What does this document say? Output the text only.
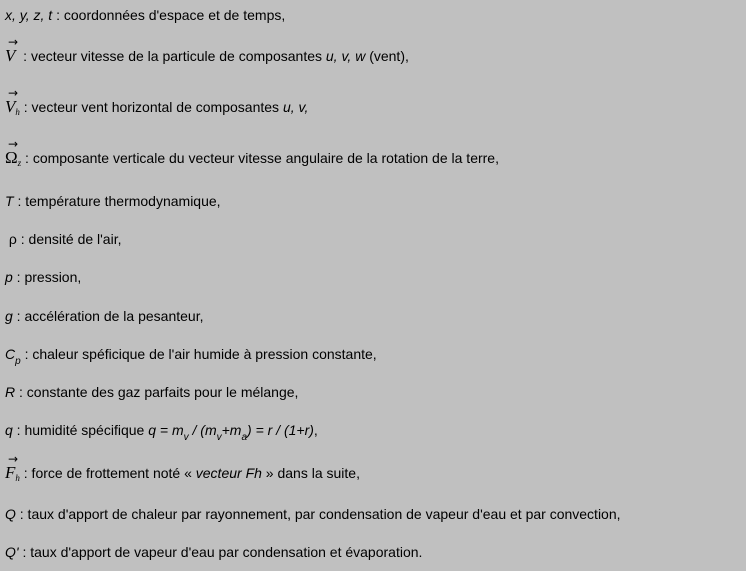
x, y, z, t : coordonnées d'espace et de temps,
→
V  : vecteur vitesse de la particule de composantes u, v, w (vent),
→
Vh : vecteur vent horizontal de composantes u, v,
→
Ωz : composante verticale du vecteur vitesse angulaire de la rotation de la terre,
T : température thermodynamique,
ρ : densité de l'air,
p : pression,
g : accélération de la pesanteur,
$C_p$ : chaleur spéficique de l'air humide à pression constante,
R : constante des gaz parfaits pour le mélange,
q : humidité spécifique $q = m_v / (m_v+m_a) = r / (1+r)$,
→
Fh : force de frottement noté « vecteur Fh » dans la suite,
Q : taux d'apport de chaleur par rayonnement, par condensation de vapeur d'eau et par convection,
Q' : taux d'apport de vapeur d'eau par condensation et évaporation.
